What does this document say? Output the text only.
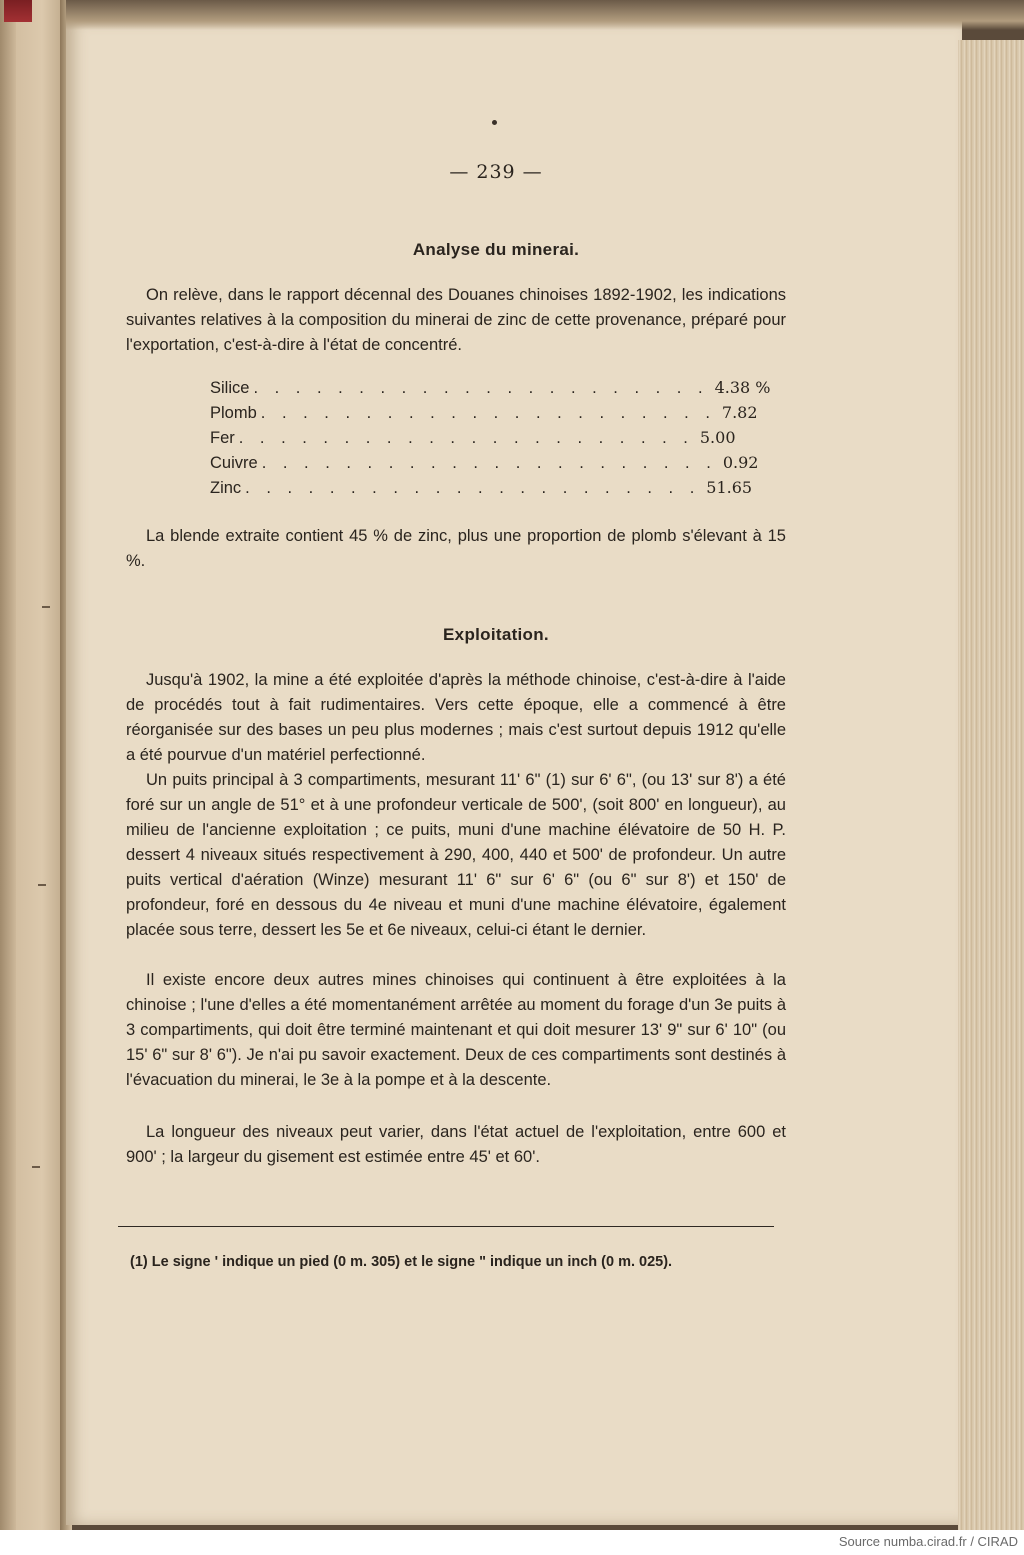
— 239 —
Analyse du minerai.
On relève, dans le rapport décennal des Douanes chinoises 1892-1902, les indications suivantes relatives à la composition du minerai de zinc de cette provenance, préparé pour l'exportation, c'est-à-dire à l'état de concentré.
Silice . . . . . . . . . . . . . . . . . . . . . . 4.38 %
Plomb . . . . . . . . . . . . . . . . . . . . . . 7.82
Fer . . . . . . . . . . . . . . . . . . . . . . 5.00
Cuivre . . . . . . . . . . . . . . . . . . . . . . 0.92
Zinc . . . . . . . . . . . . . . . . . . . . . . 51.65
La blende extraite contient 45 % de zinc, plus une proportion de plomb s'élevant à 15 %.
Exploitation.
Jusqu'à 1902, la mine a été exploitée d'après la méthode chinoise, c'est-à-dire à l'aide de procédés tout à fait rudimentaires. Vers cette époque, elle a commencé à être réorganisée sur des bases un peu plus modernes ; mais c'est surtout depuis 1912 qu'elle a été pourvue d'un matériel perfectionné.
Un puits principal à 3 compartiments, mesurant 11' 6" (1) sur 6' 6", (ou 13' sur 8') a été foré sur un angle de 51° et à une profondeur verticale de 500', (soit 800' en longueur), au milieu de l'ancienne exploitation ; ce puits, muni d'une machine élévatoire de 50 H. P. dessert 4 niveaux situés respectivement à 290, 400, 440 et 500' de profondeur. Un autre puits vertical d'aération (Winze) mesurant 11' 6" sur 6' 6" (ou 6" sur 8') et 150' de profondeur, foré en dessous du 4e niveau et muni d'une machine élévatoire, également placée sous terre, dessert les 5e et 6e niveaux, celui-ci étant le dernier.
Il existe encore deux autres mines chinoises qui continuent à être exploitées à la chinoise ; l'une d'elles a été momentanément arrêtée au moment du forage d'un 3e puits à 3 compartiments, qui doit être terminé maintenant et qui doit mesurer 13' 9" sur 6' 10" (ou 15' 6" sur 8' 6"). Je n'ai pu savoir exactement. Deux de ces compartiments sont destinés à l'évacuation du minerai, le 3e à la pompe et à la descente.
La longueur des niveaux peut varier, dans l'état actuel de l'exploitation, entre 600 et 900' ; la largeur du gisement est estimée entre 45' et 60'.
(1) Le signe ' indique un pied (0 m. 305) et le signe " indique un inch (0 m. 025).
Source numba.cirad.fr / CIRAD
